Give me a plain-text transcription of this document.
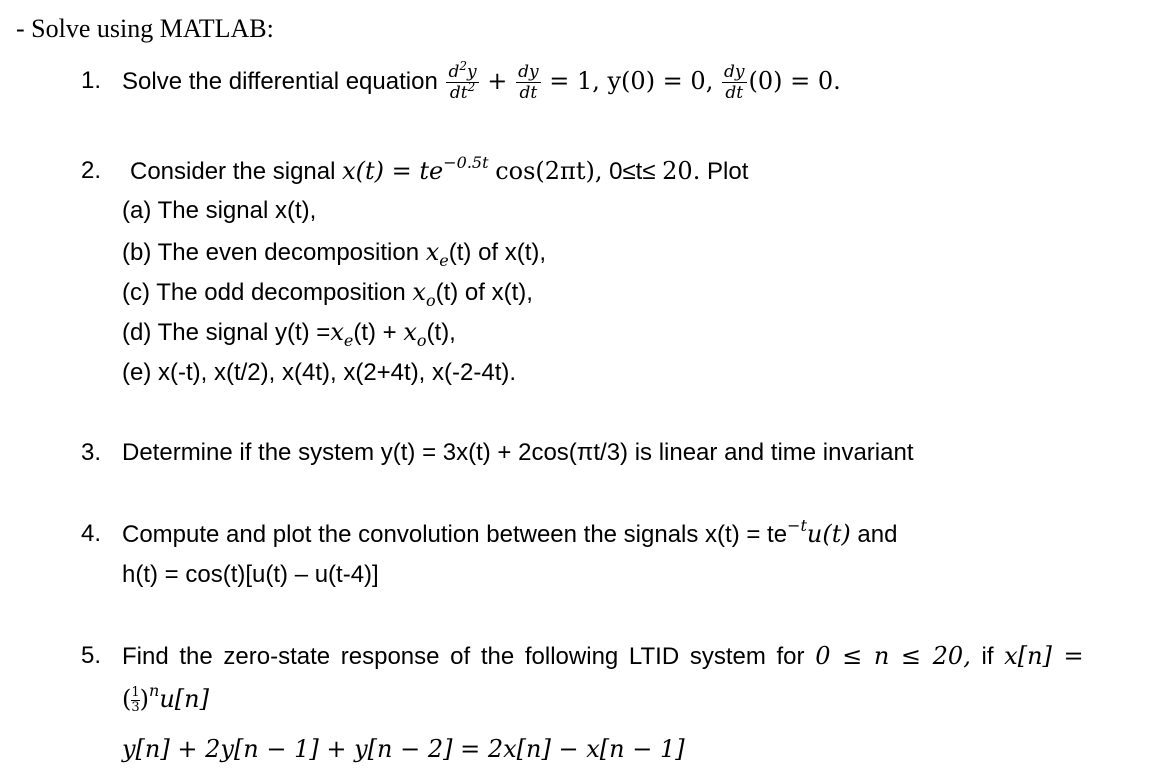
- Solve using MATLAB:
1. Solve the differential equation $\frac{d^2y}{dt^2} + \frac{dy}{dt} = 1$, y(0) = 0, $\frac{dy}{dt} (0) = 0$.
2. Consider the signal $x(t) = te^{-0.5t}$ cos(2πt), 0≤t≤ 20. Plot
(a) The signal x(t),
(b) The even decomposition $x_e(t)$ of x(t),
(c) The odd decomposition $x_o(t)$ of x(t),
(d) The signal $y(t) =x_e(t) + x_o(t)$,
(e) x(-t), x(t/2), x(4t), x(2+4t), x(-2-4t).
3. Determine if the system y(t) = 3x(t) + 2cos(πt/3) is linear and time invariant
4. Compute and plot the convolution between the signals $x(t) = te^{-t}u(t)$ and
h(t) = cos(t)[u(t) – u(t-4)]
5. Find the zero-state response of the following LTID system for 0 ≤ n ≤ 20, if x[n] =
( $\frac{1}{3} )^nu[n]$
y[n] + 2y[n − 1] + y[n − 2] = 2x[n] − x[n − 1]
